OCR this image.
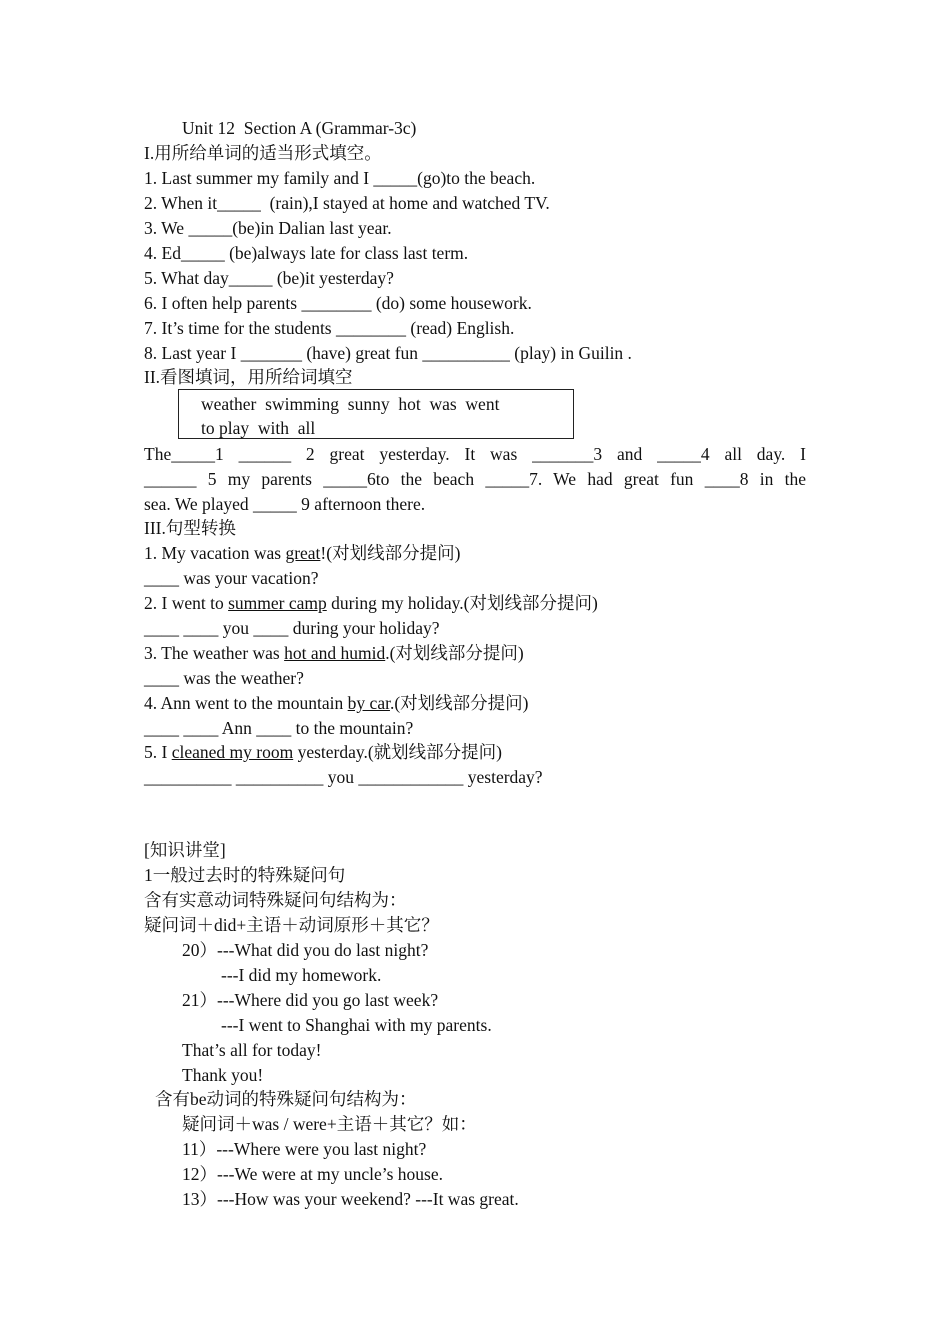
Unit 12  Section A (Grammar-3c)
I.用所给单词的适当形式填空。
1. Last summer my family and I _____(go)to the beach.
2. When it_____  (rain),I stayed at home and watched TV.
3. We _____(be)in Dalian last year.
4. Ed_____ (be)always late for class last term.
5. What day_____ (be)it yesterday?
6. I often help parents ________ (do) some housework.
7. It’s time for the students ________ (read) English.
8. Last year I _______ (have) great fun __________ (play) in Guilin .
II.看图填词，用所给词填空
weather  swimming  sunny  hot  was  went
to play  with  all
The_____1 ______ 2 great yesterday. It was _______3 and _____4 all day. I
______ 5 my parents _____6to the beach _____7. We had great fun ____8 in the
sea. We played _____ 9 afternoon there.
III.句型转换
1. My vacation was great!(对划线部分提问)
____ was your vacation?
2. I went to summer camp during my holiday.(对划线部分提问)
____ ____ you ____ during your holiday?
3. The weather was hot and humid.(对划线部分提问)
____ was the weather?
4. Ann went to the mountain by car.(对划线部分提问)
____ ____ Ann ____ to the mountain?
5. I cleaned my room yesterday.(就划线部分提问)
__________ __________ you ____________ yesterday?
[知识讲堂]
1一般过去时的特殊疑问句
含有实意动词特殊疑问句结构为：
疑问词＋did+主语＋动词原形＋其它？
20）---What did you do last night?
---I did my homework.
21）---Where did you go last week?
---I went to Shanghai with my parents.
That’s all for today!
Thank you!
含有be动词的特殊疑问句结构为：
疑问词＋was / were+主语＋其它？如：
11）---Where were you last night?
12）---We were at my uncle’s house.
13）---How was your weekend? ---It was great.
